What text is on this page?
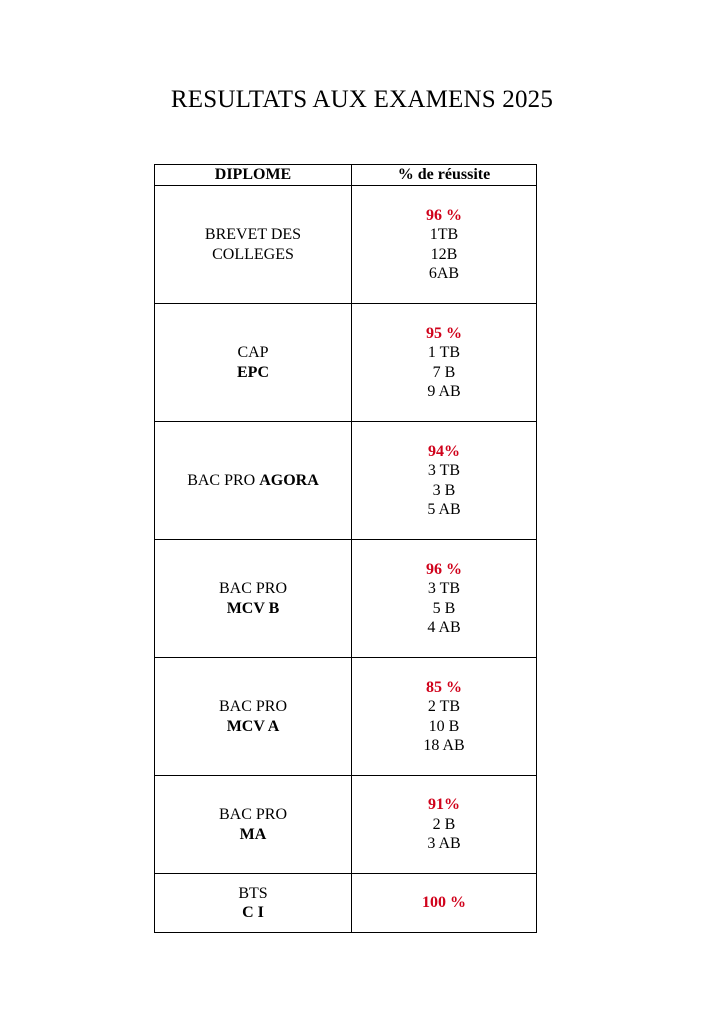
RESULTATS AUX EXAMENS 2025
DIPLOME	% de réussite

BREVET DES
COLLEGES	96 %
1TB
12B
6AB

CAP
EPC	95 %
1 TB
7 B
9 AB

BAC PRO AGORA	94%
3 TB
3 B
5 AB

BAC PRO
MCV B	96 %
3 TB
5 B
4 AB

BAC PRO
MCV A	85 %
2 TB
10 B
18 AB

BAC PRO
MA	91%
2 B
3 AB

BTS
C I	100 %
